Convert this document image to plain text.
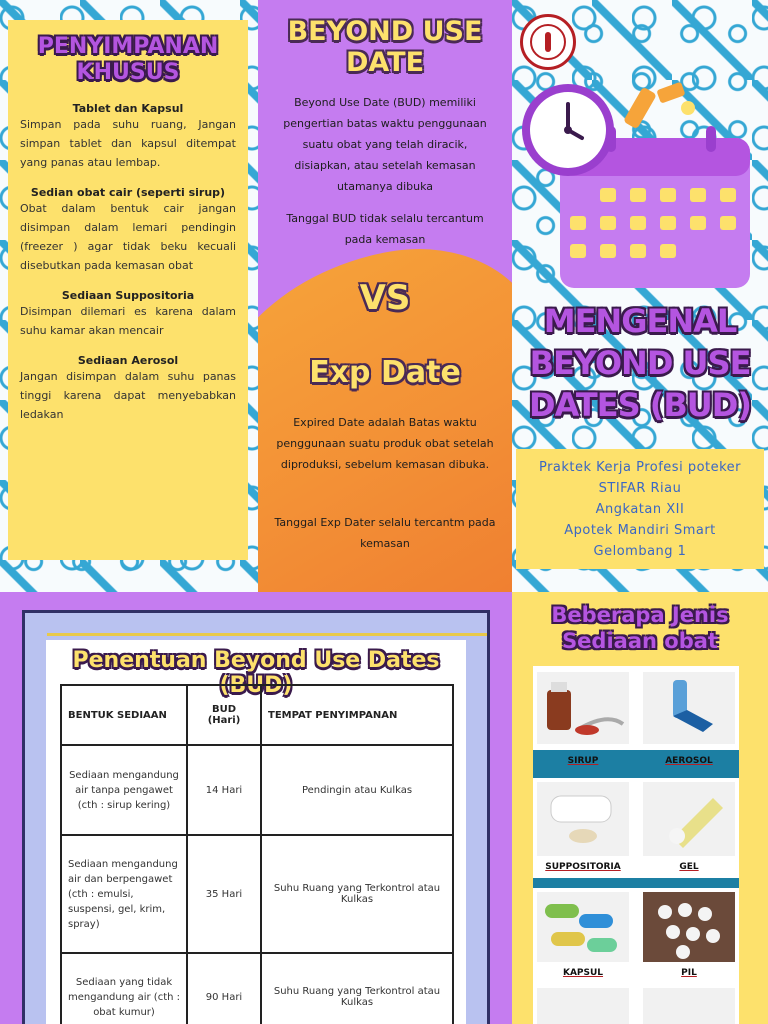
PENYIMPANAN KHUSUS
Tablet dan Kapsul
Simpan pada suhu ruang, Jangan simpan tablet dan kapsul ditempat yang panas atau lembap.
Sedian obat cair (seperti sirup)
Obat dalam bentuk cair jangan disimpan dalam lemari pendingin (freezer ) agar tidak beku kecuali disebutkan pada kemasan obat
Sediaan Suppositoria
Disimpan dilemari es karena dalam suhu kamar akan mencair
Sediaan Aerosol
Jangan disimpan dalam suhu panas tinggi karena dapat menyebabkan ledakan
BEYOND USE DATE
Beyond Use Date (BUD) memiliki pengertian batas waktu penggunaan suatu obat yang telah diracik, disiapkan, atau setelah kemasan utamanya dibuka
Tanggal BUD tidak selalu tercantum pada kemasan
VS
Exp Date
Expired Date adalah Batas waktu penggunaan suatu produk obat setelah diproduksi, sebelum kemasan dibuka.
Tanggal Exp Dater selalu tercantm pada kemasan
MENGENAL BEYOND USE DATES (BUD)
Praktek Kerja Profesi poteker
STIFAR Riau
Angkatan XII
Apotek Mandiri Smart
Gelombang 1
Penentuan Beyond Use Dates (BUD)
BENTUK SEDIAAN	BUD (Hari)	TEMPAT PENYIMPANAN
Sediaan mengandung air tanpa pengawet (cth : sirup kering)	14 Hari	Pendingin atau Kulkas
Sediaan mengandung air dan berpengawet (cth : emulsi, suspensi, gel, krim, spray)	35 Hari	Suhu Ruang yang Terkontrol atau Kulkas
Sediaan yang tidak mengandung air (cth : obat kumur)	90 Hari	Suhu Ruang yang Terkontrol atau Kulkas
Beberapa Jenis Sediaan obat
SIRUP	AEROSOL
SUPPOSITORIA	GEL
KAPSUL	PIL
